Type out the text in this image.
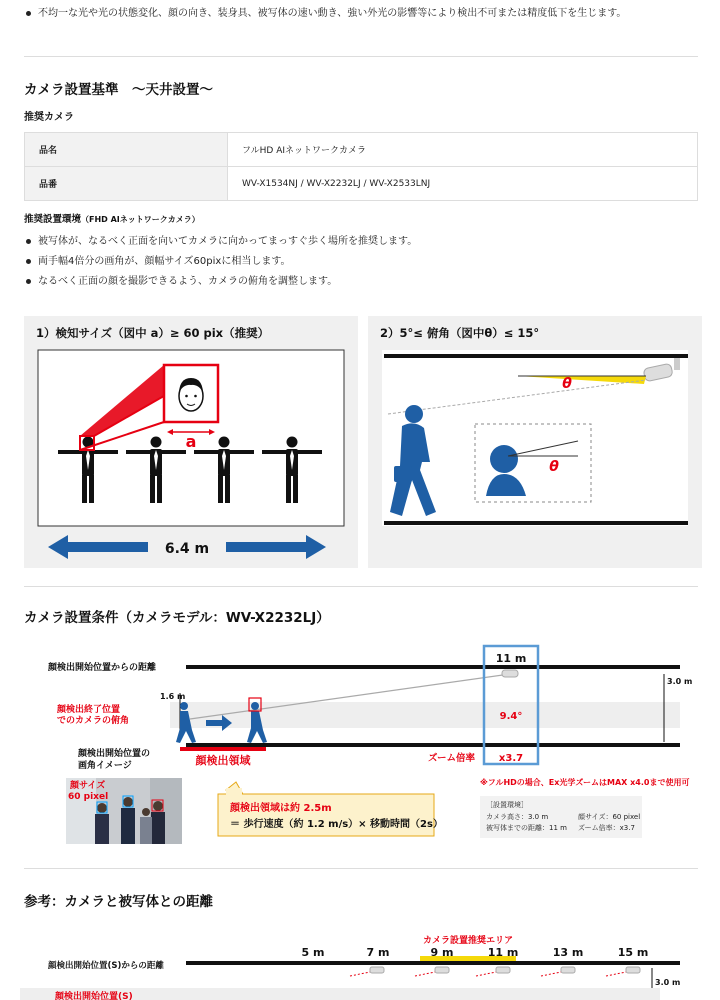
不均一な光や光の状態変化、顔の向き、装身具、被写体の速い動き、強い外光の影響等により検出不可または精度低下を生じます。
カメラ設置基準　～天井設置～
推奨カメラ
品名	フルHD AIネットワークカメラ
品番	WV-X1534NJ / WV-X2232LJ / WV-X2533LNJ
推奨設置環境（FHD AIネットワークカメラ）
被写体が、なるべく正面を向いてカメラに向かってまっすぐ歩く場所を推奨します。
両手幅4倍分の画角が、顔幅サイズ60pixに相当します。
なるべく正面の顔を撮影できるよう、カメラの俯角を調整します。
1）検知サイズ（図中 a）≥ 60 pix（推奨）
a
6.4 m
2）5°≤ 俯角（図中θ）≤ 15°
θ
θ
カメラ設置条件（カメラモデル：WV-X2232LJ）
顔検出開始位置からの距離
1.6 m
顔検出終了位置
でのカメラの俯角
3.0 m
11 m
9.4°
x3.7
ズーム倍率
顔検出領域
顔検出開始位置の
画角イメージ
※フルHDの場合、Ex光学ズームはMAX x4.0まで使用可
顔サイズ
60 pixel
顔検出領域は約 2.5m
＝ 歩行速度（約 1.2 m/s）× 移動時間（2s）
［設置環境］
カメラ高さ：3.0 m	顔サイズ：60 pixel
被写体までの距離：11 m ズーム倍率：x3.7
参考：カメラと被写体との距離
カメラ設置推奨エリア
顔検出開始位置(S)からの距離
5 m	7 m	9 m	11 m	13 m	15 m
3.0 m
顔検出開始位置(S)
